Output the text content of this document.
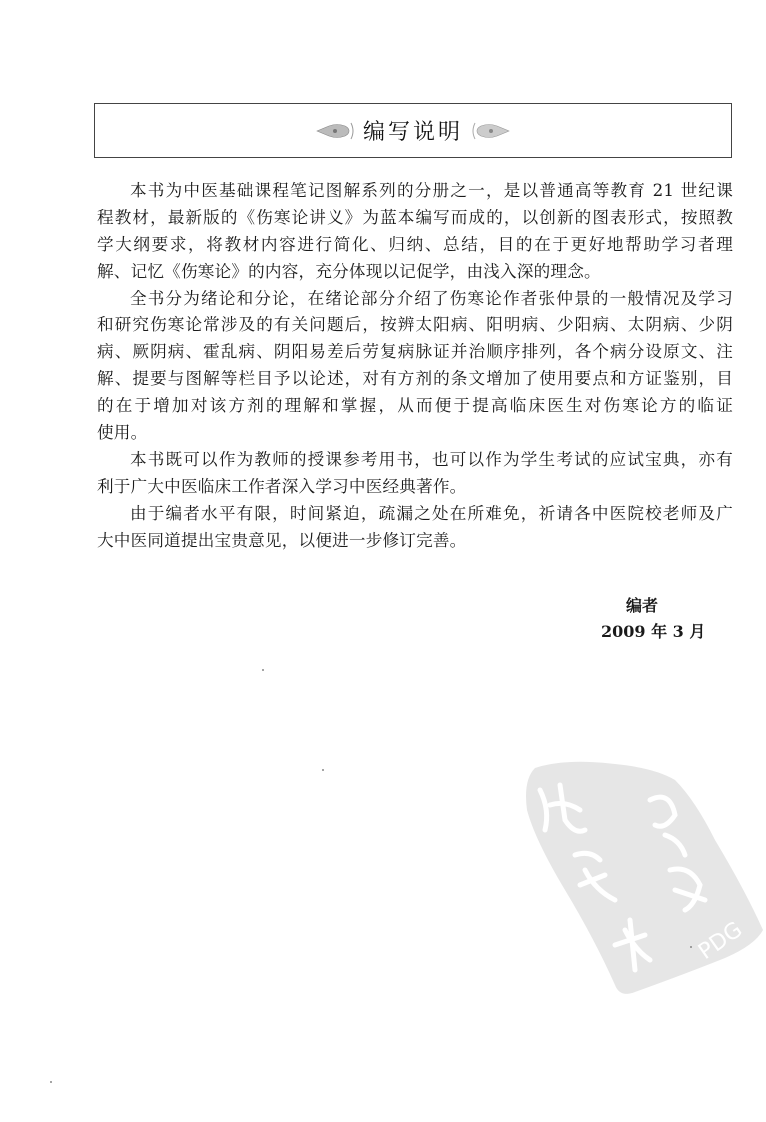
编写说明
本书为中医基础课程笔记图解系列的分册之一，是以普通高等教育 21 世纪课
程教材，最新版的《伤寒论讲义》为蓝本编写而成的，以创新的图表形式，按照教
学大纲要求，将教材内容进行简化、归纳、总结，目的在于更好地帮助学习者理
解、记忆《伤寒论》的内容，充分体现以记促学，由浅入深的理念。
全书分为绪论和分论，在绪论部分介绍了伤寒论作者张仲景的一般情况及学习
和研究伤寒论常涉及的有关问题后，按辨太阳病、阳明病、少阳病、太阴病、少阴
病、厥阴病、霍乱病、阴阳易差后劳复病脉证并治顺序排列，各个病分设原文、注
解、提要与图解等栏目予以论述，对有方剂的条文增加了使用要点和方证鉴别，目
的在于增加对该方剂的理解和掌握，从而便于提高临床医生对伤寒论方的临证
使用。
本书既可以作为教师的授课参考用书，也可以作为学生考试的应试宝典，亦有
利于广大中医临床工作者深入学习中医经典著作。
由于编者水平有限，时间紧迫，疏漏之处在所难免，祈请各中医院校老师及广
大中医同道提出宝贵意见，以便进一步修订完善。
编者
2009 年 3 月
PDG
